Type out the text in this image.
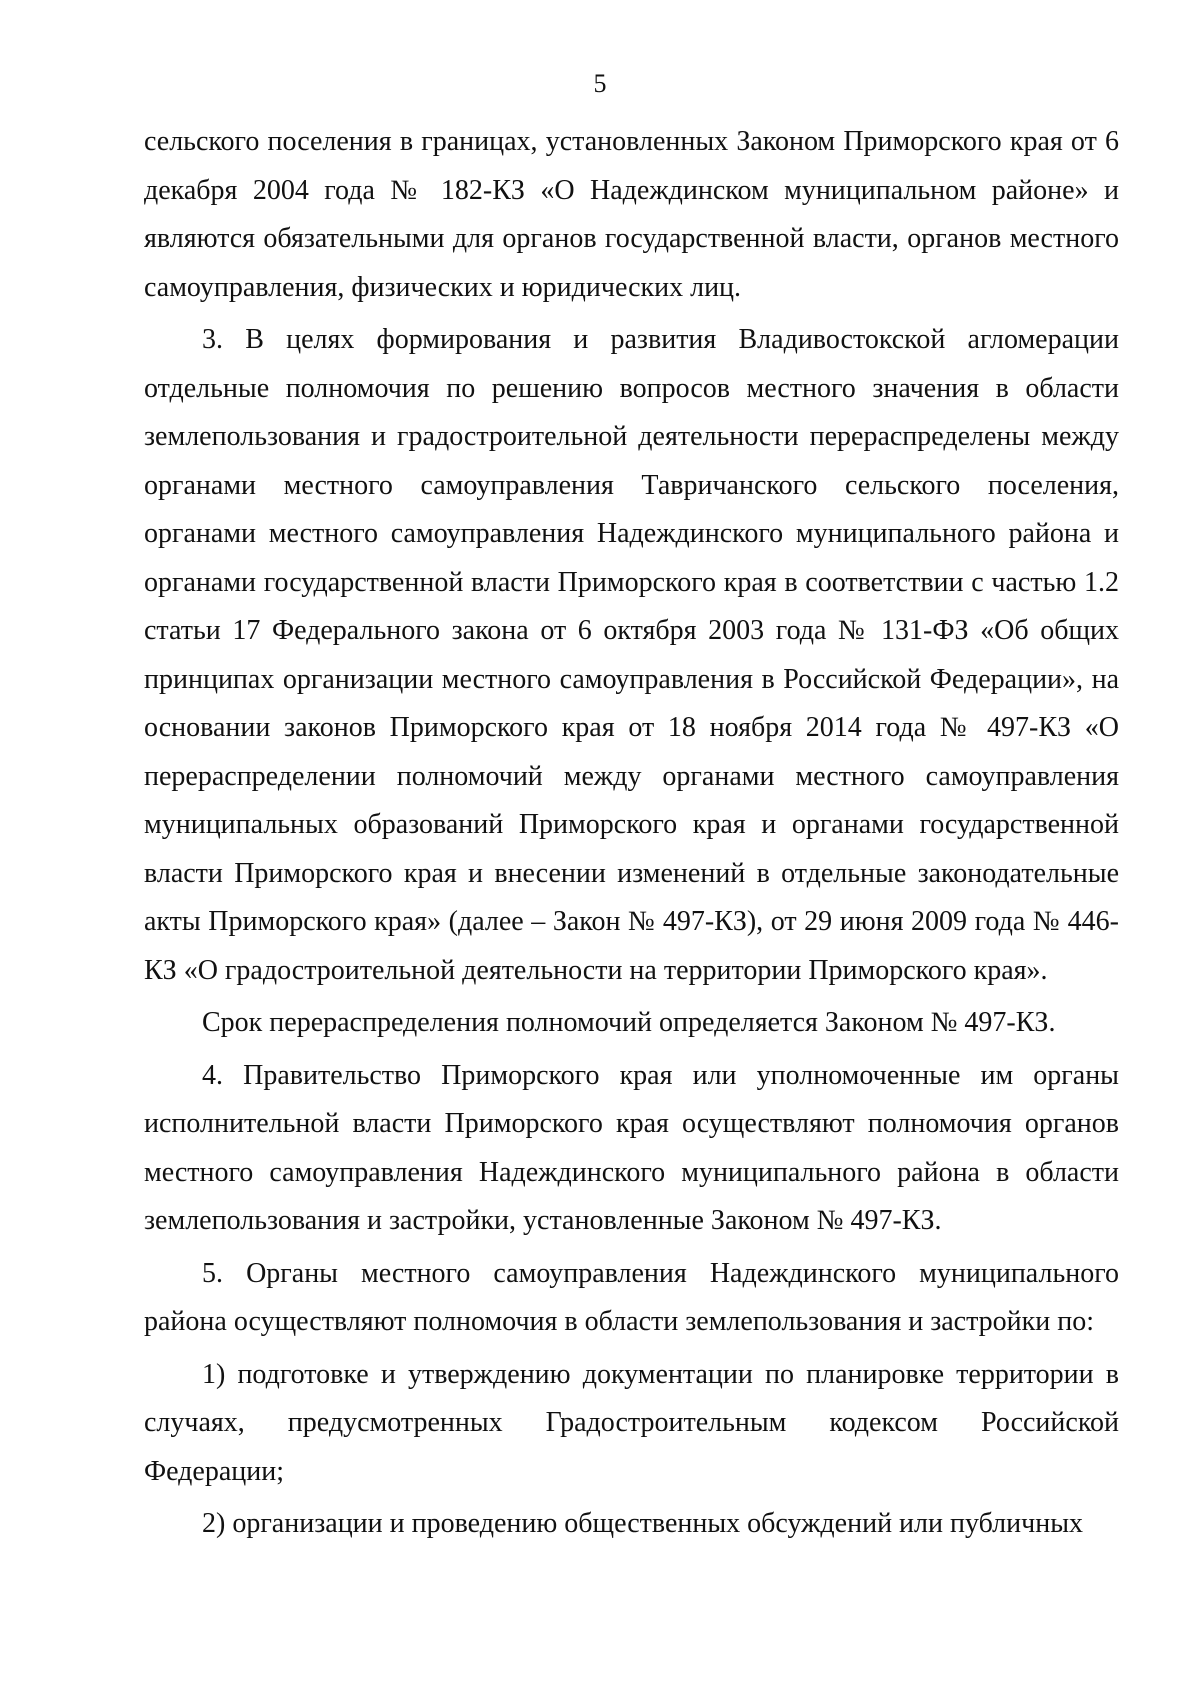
5

сельского поселения в границах, установленных Законом Приморского края от 6 декабря 2004 года № 182-КЗ «О Надеждинском муниципальном районе» и являются обязательными для органов государственной власти, органов местного самоуправления, физических и юридических лиц.

3. В целях формирования и развития Владивостокской агломерации отдельные полномочия по решению вопросов местного значения в области землепользования и градостроительной деятельности перераспределены между органами местного самоуправления Тавричанского сельского поселения, органами местного самоуправления Надеждинского муниципального района и органами государственной власти Приморского края в соответствии с частью 1.2 статьи 17 Федерального закона от 6 октября 2003 года № 131-ФЗ «Об общих принципах организации местного самоуправления в Российской Федерации», на основании законов Приморского края от 18 ноября 2014 года № 497-КЗ «О перераспределении полномочий между органами местного самоуправления муниципальных образований Приморского края и органами государственной власти Приморского края и внесении изменений в отдельные законодательные акты Приморского края» (далее – Закон № 497-КЗ), от 29 июня 2009 года № 446-КЗ «О градостроительной деятельности на территории Приморского края».

Срок перераспределения полномочий определяется Законом № 497-КЗ.

4. Правительство Приморского края или уполномоченные им органы исполнительной власти Приморского края осуществляют полномочия органов местного самоуправления Надеждинского муниципального района в области землепользования и застройки, установленные Законом № 497-КЗ.

5. Органы местного самоуправления Надеждинского муниципального района осуществляют полномочия в области землепользования и застройки по:

1) подготовке и утверждению документации по планировке территории в случаях, предусмотренных Градостроительным кодексом Российской Федерации;

2) организации и проведению общественных обсуждений или публичных
